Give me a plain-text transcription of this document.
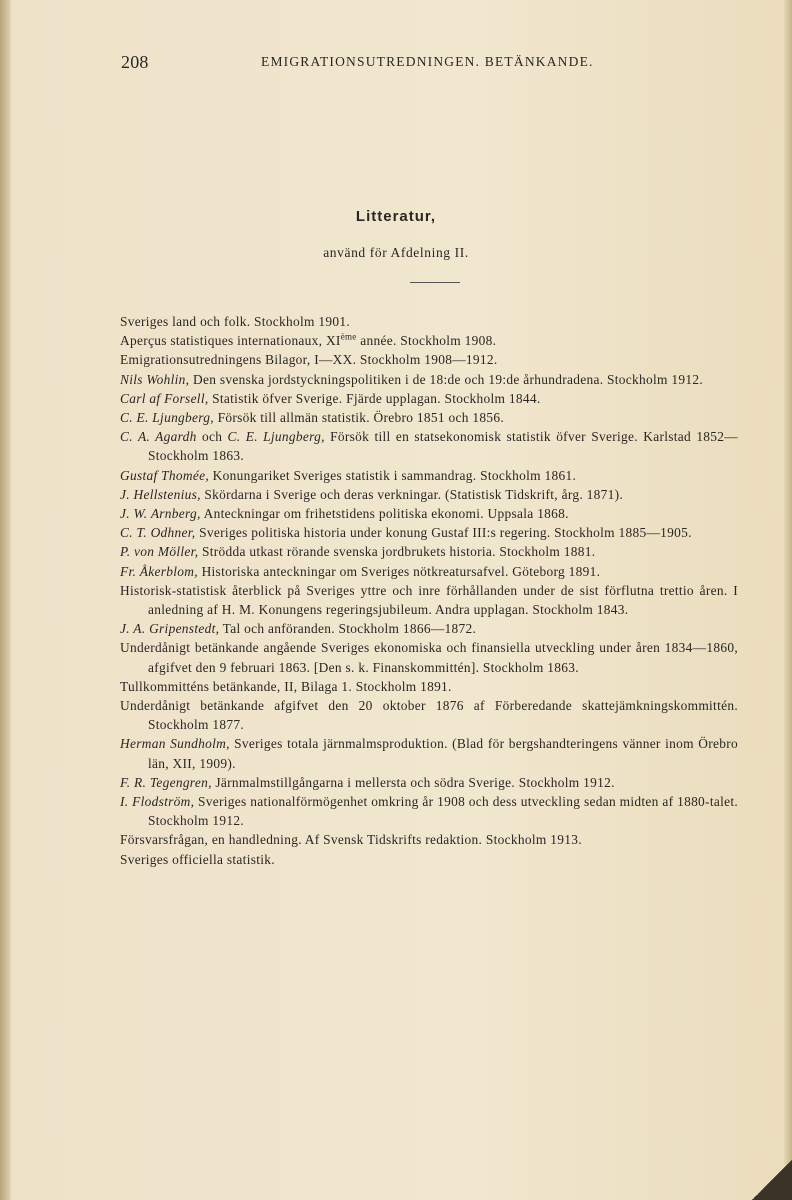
208	EMIGRATIONSUTREDNINGEN. BETÄNKANDE.
Litteratur,
använd för Afdelning II.
Sveriges land och folk. Stockholm 1901.
Aperçus statistiques internationaux, XIème année. Stockholm 1908.
Emigrationsutredningens Bilagor, I—XX. Stockholm 1908—1912.
Nils Wohlin, Den svenska jordstyckningspolitiken i de 18:de och 19:de århundradena. Stockholm 1912.
Carl af Forsell, Statistik öfver Sverige. Fjärde upplagan. Stockholm 1844.
C. E. Ljungberg, Försök till allmän statistik. Örebro 1851 och 1856.
C. A. Agardh och C. E. Ljungberg, Försök till en statsekonomisk statistik öfver Sverige. Karlstad 1852—Stockholm 1863.
Gustaf Thomée, Konungariket Sveriges statistik i sammandrag. Stockholm 1861.
J. Hellstenius, Skördarna i Sverige och deras verkningar. (Statistisk Tidskrift, årg. 1871).
J. W. Arnberg, Anteckningar om frihetstidens politiska ekonomi. Uppsala 1868.
C. T. Odhner, Sveriges politiska historia under konung Gustaf III:s regering. Stockholm 1885—1905.
P. von Möller, Strödda utkast rörande svenska jordbrukets historia. Stockholm 1881.
Fr. Åkerblom, Historiska anteckningar om Sveriges nötkreatursafvel. Göteborg 1891.
Historisk-statistisk återblick på Sveriges yttre och inre förhållanden under de sist förflutna trettio åren. I anledning af H. M. Konungens regeringsjubileum. Andra upplagan. Stockholm 1843.
J. A. Gripenstedt, Tal och anföranden. Stockholm 1866—1872.
Underdånigt betänkande angående Sveriges ekonomiska och finansiella utveckling under åren 1834—1860, afgifvet den 9 februari 1863. [Den s. k. Finanskommittén]. Stockholm 1863.
Tullkommitténs betänkande, II, Bilaga 1. Stockholm 1891.
Underdånigt betänkande afgifvet den 20 oktober 1876 af Förberedande skattejämkningskommittén. Stockholm 1877.
Herman Sundholm, Sveriges totala järnmalmsproduktion. (Blad för bergshandteringens vänner inom Örebro län, XII, 1909).
F. R. Tegengren, Järnmalmstillgångarna i mellersta och södra Sverige. Stockholm 1912.
I. Flodström, Sveriges nationalförmögenhet omkring år 1908 och dess utveckling sedan midten af 1880-talet. Stockholm 1912.
Försvarsfrågan, en handledning. Af Svensk Tidskrifts redaktion. Stockholm 1913.
Sveriges officiella statistik.
